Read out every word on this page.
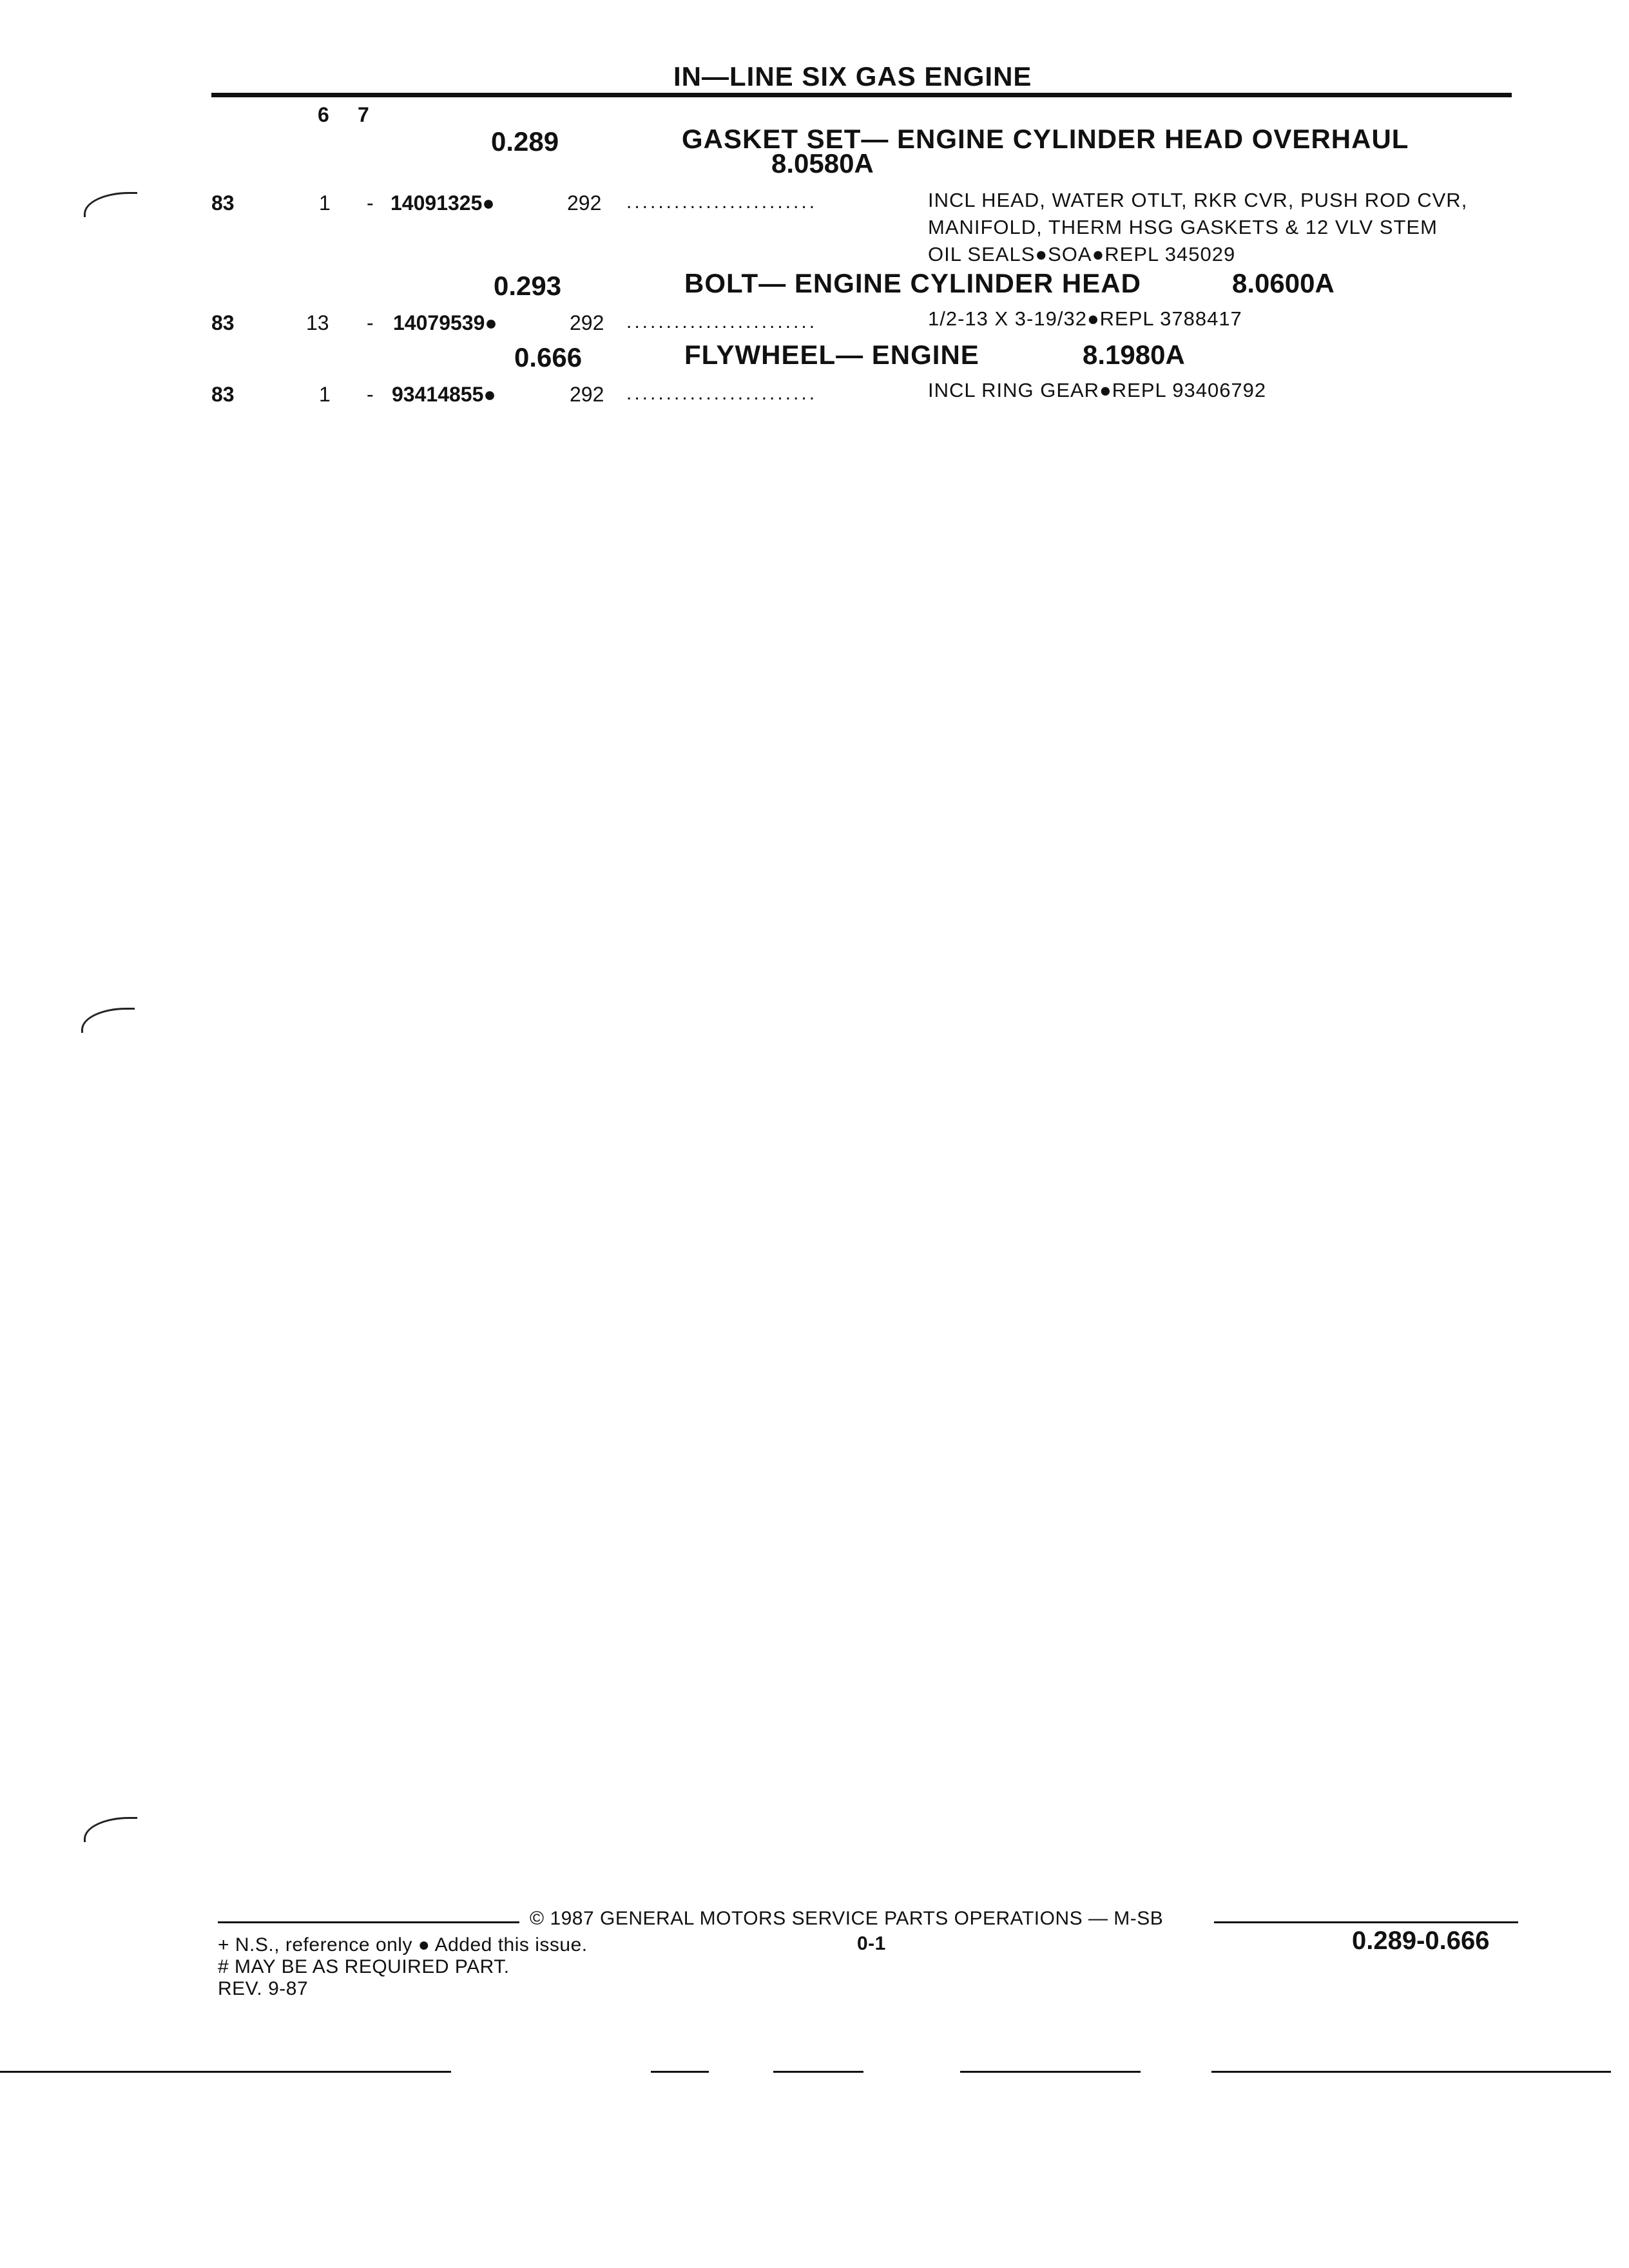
IN—LINE SIX GAS ENGINE
6 7
0.289	GASKET SET— ENGINE CYLINDER HEAD OVERHAUL
8.0580A
83	1 - 14091325●	292 ........................	INCL HEAD, WATER OTLT, RKR CVR, PUSH ROD CVR,
MANIFOLD, THERM HSG GASKETS & 12 VLV STEM
OIL SEALS●SOA●REPL 345029
0.293	BOLT— ENGINE CYLINDER HEAD	8.0600A
83	13 - 14079539●	292 ........................	1/2-13 X 3-19/32●REPL 3788417
0.666	FLYWHEEL— ENGINE	8.1980A
83	1 - 93414855●	292 ........................	INCL RING GEAR●REPL 93406792
© 1987 GENERAL MOTORS SERVICE PARTS OPERATIONS — M-SB
+ N.S., reference only ● Added this issue.	0-1	0.289-0.666
# MAY BE AS REQUIRED PART.
REV. 9-87
